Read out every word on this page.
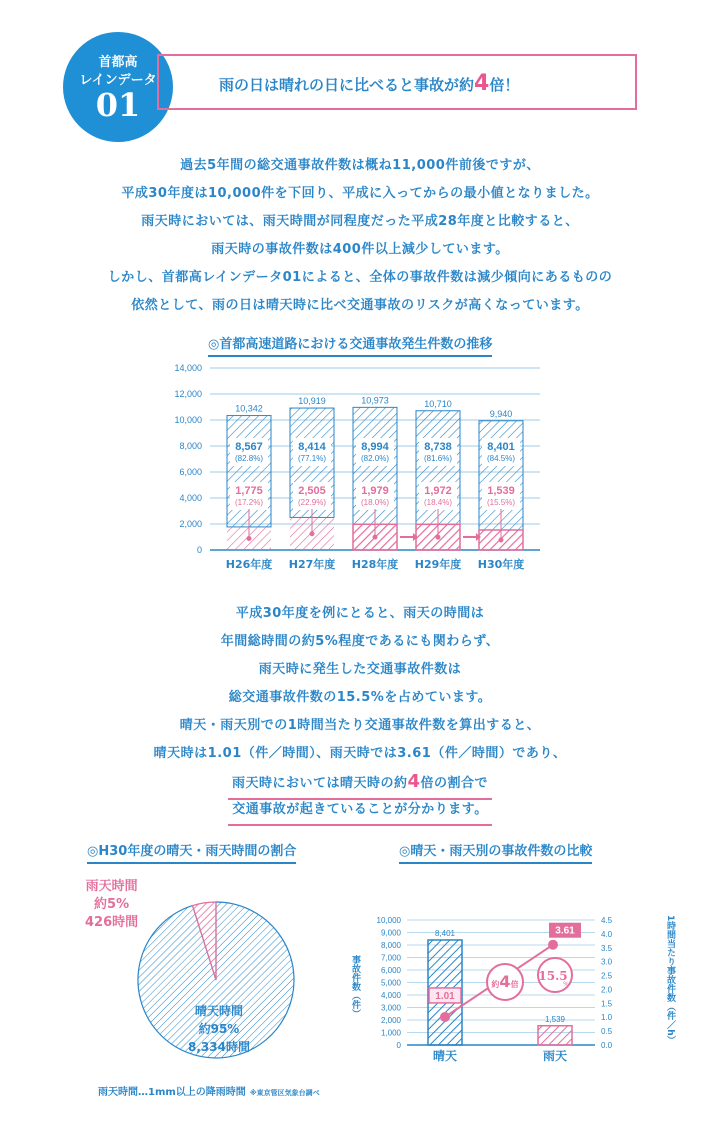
首都高
レインデータ
01
雨の日は晴れの日に比べると事故が約4倍！
過去5年間の総交通事故件数は概ね11,000件前後ですが、
平成30年度は10,000件を下回り、平成に入ってからの最小値となりました。
雨天時においては、雨天時間が同程度だった平成28年度と比較すると、
雨天時の事故件数は400件以上減少しています。
しかし、首都高レインデータ01によると、全体の事故件数は減少傾向にあるものの
依然として、雨の日は晴天時に比べ交通事故のリスクが高くなっています。
◎首都高速道路における交通事故発生件数の推移
0
2,000
4,000
6,000
8,000
10,000
12,000
14,000
10,342
8,567
(82.8%)
1,775
(17.2%)
H26年度
10,919
8,414
(77.1%)
2,505
(22.9%)
H27年度
10,973
8,994
(82.0%)
1,979
(18.0%)
H28年度
10,710
8,738
(81.6%)
1,972
(18.4%)
H29年度
9,940
8,401
(84.5%)
1,539
(15.5%)
H30年度
平成30年度を例にとると、雨天の時間は
年間総時間の約5%程度であるにも関わらず、
雨天時に発生した交通事故件数は
総交通事故件数の15.5%を占めています。
晴天・雨天別での1時間当たり交通事故件数を算出すると、
晴天時は1.01（件／時間）、雨天時では3.61（件／時間）であり、
雨天時においては晴天時の約4倍の割合で
交通事故が起きていることが分かります。
◎H30年度の晴天・雨天時間の割合
雨天時間
約5%
426時間
晴天時間
約95%
8,334時間
雨天時間…1mm以上の降雨時間 ※東京管区気象台調べ
◎晴天・雨天別の事故件数の比較
0
1,000
2,000
3,000
4,000
5,000
6,000
7,000
8,000
9,000
10,000
0.0
0.5
1.0
1.5
2.0
2.5
3.0
3.5
4.0
4.5
事故件数（件）	1時間当たり事故件数（件／h）
8,401
晴天
1,539
雨天
1.01
3.61
約4倍
15.5
%
